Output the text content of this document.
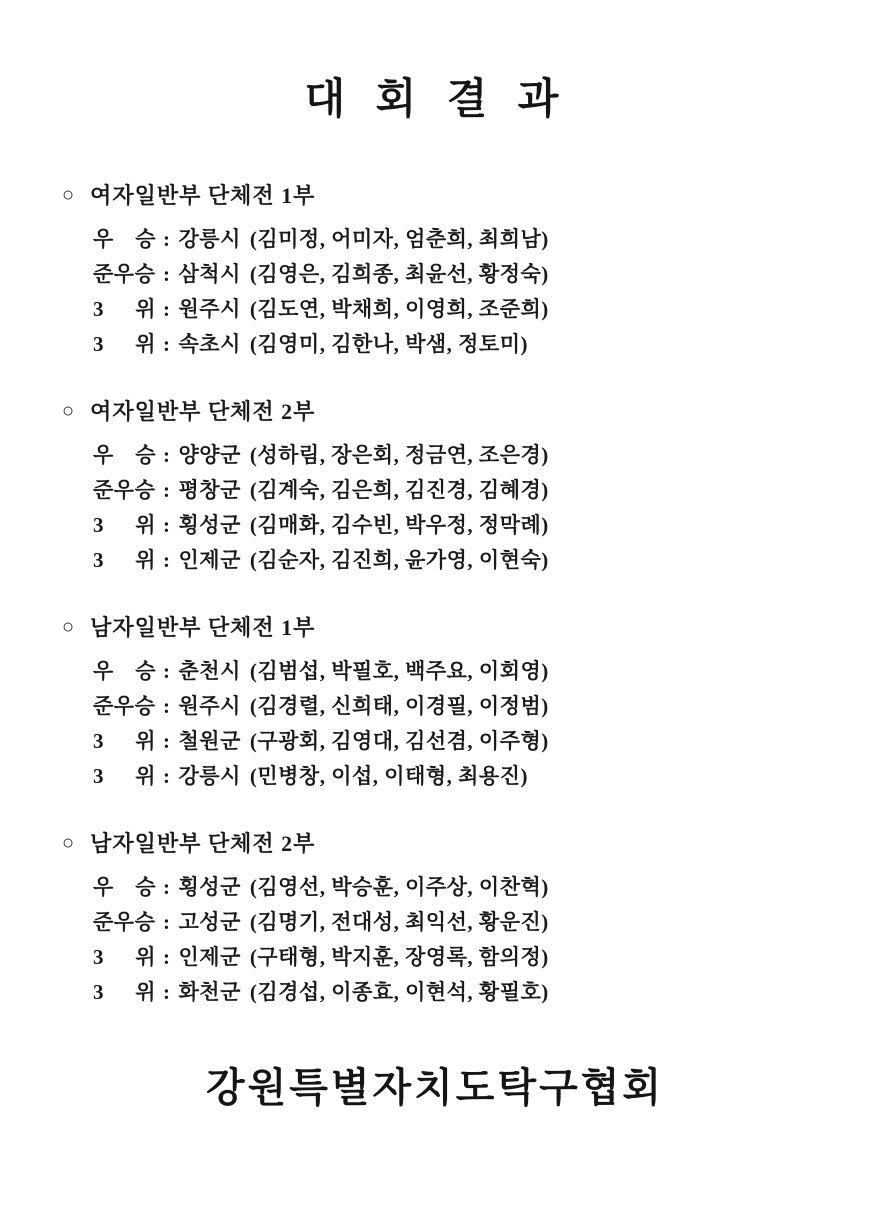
대 회 결 과
○ 여자일반부 단체전 1부
우 승 : 강릉시 (김미정, 어미자, 엄춘희, 최희남)
준우승 : 삼척시 (김영은, 김희종, 최윤선, 황정숙)
3 위 : 원주시 (김도연, 박채희, 이영희, 조준희)
3 위 : 속초시 (김영미, 김한나, 박샘, 정토미)
○ 여자일반부 단체전 2부
우 승 : 양양군 (성하림, 장은회, 정금연, 조은경)
준우승 : 평창군 (김계숙, 김은희, 김진경, 김혜경)
3 위 : 횡성군 (김매화, 김수빈, 박우정, 정막례)
3 위 : 인제군 (김순자, 김진희, 윤가영, 이현숙)
○ 남자일반부 단체전 1부
우 승 : 춘천시 (김범섭, 박필호, 백주요, 이회영)
준우승 : 원주시 (김경렬, 신희태, 이경필, 이정범)
3 위 : 철원군 (구광회, 김영대, 김선겸, 이주형)
3 위 : 강릉시 (민병창, 이섭, 이태형, 최용진)
○ 남자일반부 단체전 2부
우 승 : 횡성군 (김영선, 박승훈, 이주상, 이찬혁)
준우승 : 고성군 (김명기, 전대성, 최익선, 황운진)
3 위 : 인제군 (구태형, 박지훈, 장영록, 함의정)
3 위 : 화천군 (김경섭, 이종효, 이현석, 황필호)
강원특별자치도탁구협회
